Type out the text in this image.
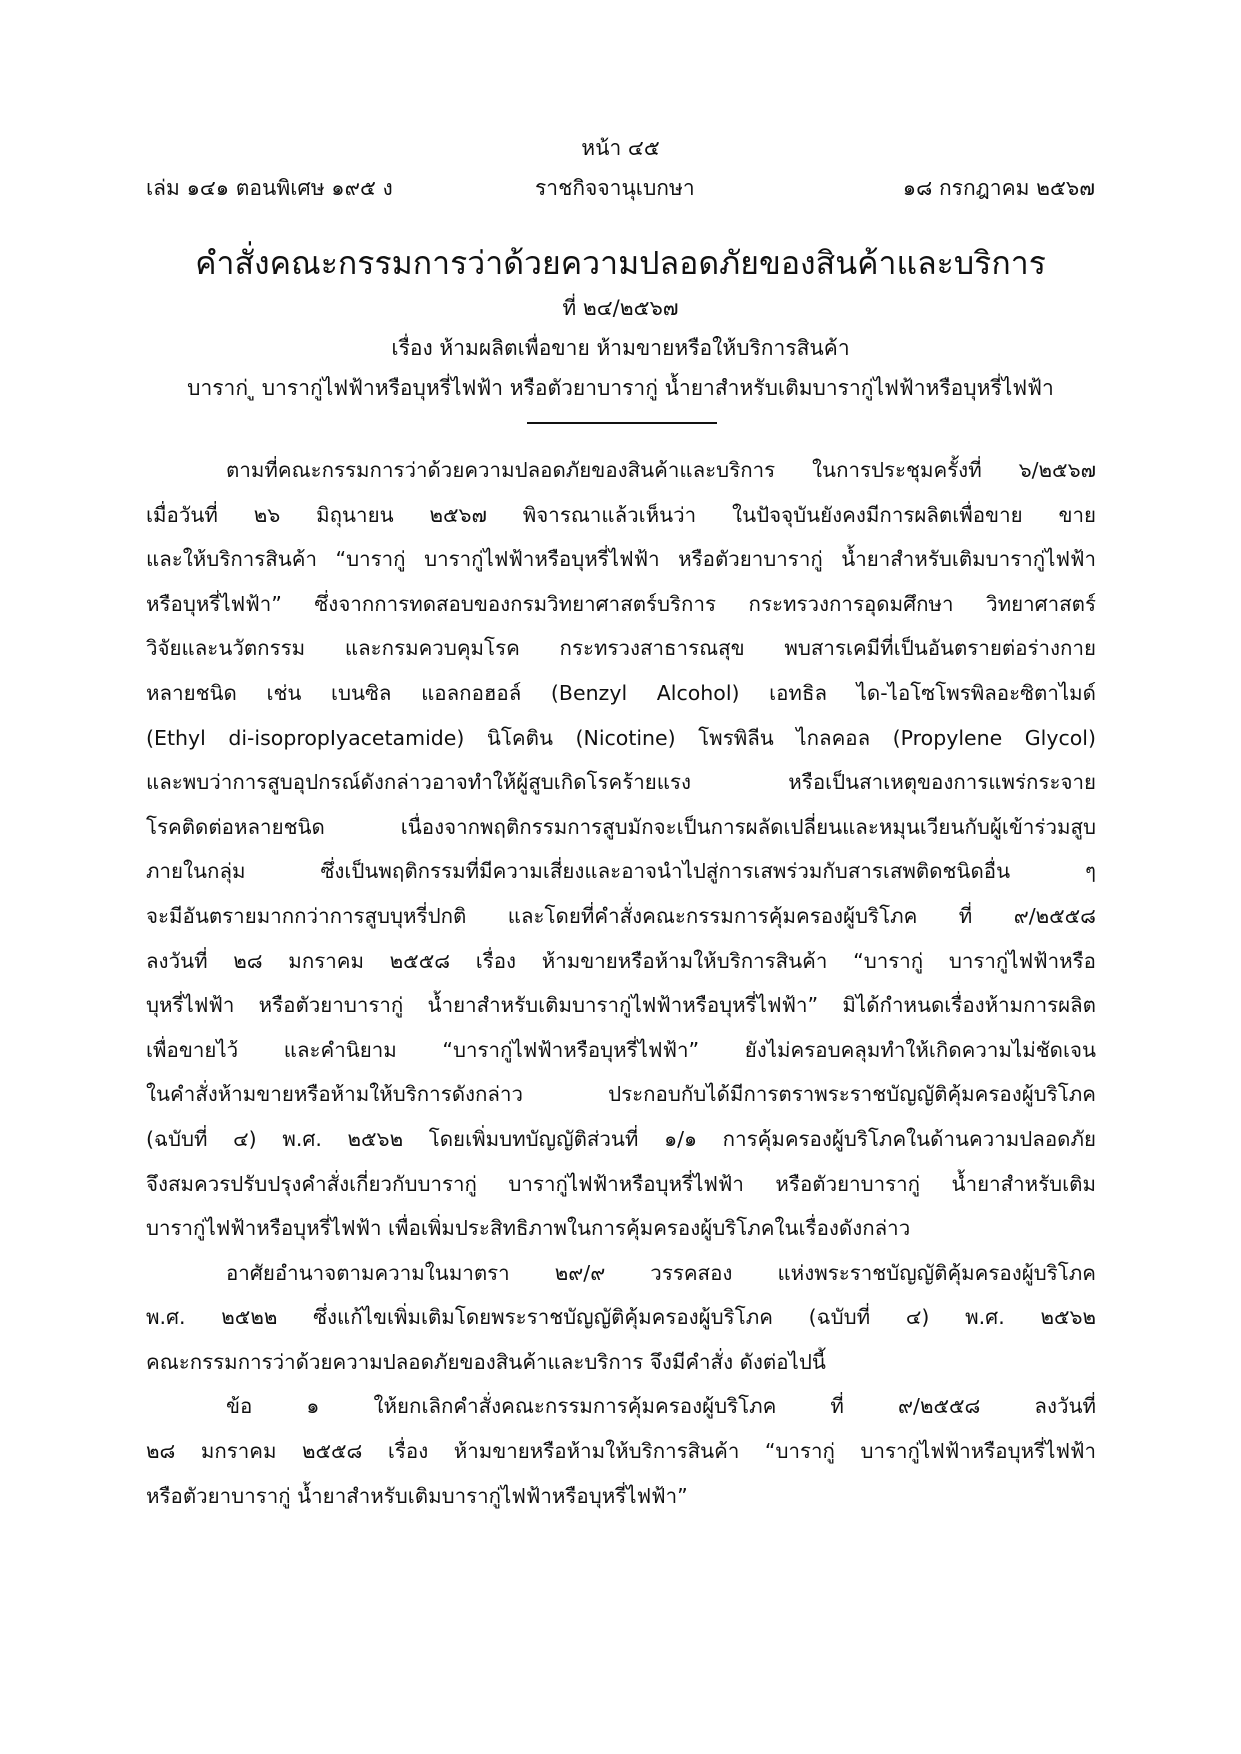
หน้า ๔๕
เล่ม ๑๔๑ ตอนพิเศษ ๑๙๕ ง	ราชกิจจานุเบกษา	๑๘ กรกฎาคม ๒๕๖๗
คำสั่งคณะกรรมการว่าด้วยความปลอดภัยของสินค้าและบริการ
ที่ ๒๔/๒๕๖๗
เรื่อง ห้ามผลิตเพื่อขาย ห้ามขายหรือให้บริการสินค้า
บาราก่ ู บารากู่ไฟฟ้าหรือบุหรี่ไฟฟ้า หรือตัวยาบารากู่ น้ำยาสำหรับเติมบารากู่ไฟฟ้าหรือบุหรี่ไฟฟ้า
ตามที่คณะกรรมการว่าด้วยความปลอดภัยของสินค้าและบริการ ในการประชุมครั้งที่ ๖/๒๕๖๗
เมื่อวันที่ ๒๖ มิถุนายน ๒๕๖๗ พิจารณาแล้วเห็นว่า ในปัจจุบันยังคงมีการผลิตเพื่อขาย ขาย
และให้บริการสินค้า “บารากู่ บารากู่ไฟฟ้าหรือบุหรี่ไฟฟ้า หรือตัวยาบารากู่ น้ำยาสำหรับเติมบารากู่ไฟฟ้า
หรือบุหรี่ไฟฟ้า” ซึ่งจากการทดสอบของกรมวิทยาศาสตร์บริการ กระทรวงการอุดมศึกษา วิทยาศาสตร์
วิจัยและนวัตกรรม และกรมควบคุมโรค กระทรวงสาธารณสุข พบสารเคมีที่เป็นอันตรายต่อร่างกาย
หลายชนิด เช่น เบนซิล แอลกอฮอล์ (Benzyl Alcohol) เอทธิล ได-ไอโซโพรพิลอะซิตาไมด์
(Ethyl di-isopropIyacetamide) นิโคติน (Nicotine) โพรพิลีน ไกลคอล (Propylene Glycol)
และพบว่าการสูบอุปกรณ์ดังกล่าวอาจทำให้ผู้สูบเกิดโรคร้ายแรง หรือเป็นสาเหตุของการแพร่กระจาย
โรคติดต่อหลายชนิด เนื่องจากพฤติกรรมการสูบมักจะเป็นการผลัดเปลี่ยนและหมุนเวียนกับผู้เข้าร่วมสูบ
ภายในกลุ่ม ซึ่งเป็นพฤติกรรมที่มีความเสี่ยงและอาจนำไปสู่การเสพร่วมกับสารเสพติดชนิดอื่น ๆ
จะมีอันตรายมากกว่าการสูบบุหรี่ปกติ และโดยที่คำสั่งคณะกรรมการคุ้มครองผู้บริโภค ที่ ๙/๒๕๕๘
ลงวันที่ ๒๘ มกราคม ๒๕๕๘ เรื่อง ห้ามขายหรือห้ามให้บริการสินค้า “บารากู่ บารากู่ไฟฟ้าหรือ
บุหรี่ไฟฟ้า หรือตัวยาบารากู่ น้ำยาสำหรับเติมบารากู่ไฟฟ้าหรือบุหรี่ไฟฟ้า” มิได้กำหนดเรื่องห้ามการผลิต
เพื่อขายไว้ และคำนิยาม “บารากู่ไฟฟ้าหรือบุหรี่ไฟฟ้า” ยังไม่ครอบคลุมทำให้เกิดความไม่ชัดเจน
ในคำสั่งห้ามขายหรือห้ามให้บริการดังกล่าว ประกอบกับได้มีการตราพระราชบัญญัติคุ้มครองผู้บริโภค
(ฉบับที่ ๔) พ.ศ. ๒๕๖๒ โดยเพิ่มบทบัญญัติส่วนที่ ๑/๑ การคุ้มครองผู้บริโภคในด้านความปลอดภัย
จึงสมควรปรับปรุงคำสั่งเกี่ยวกับบารากู่ บารากู่ไฟฟ้าหรือบุหรี่ไฟฟ้า หรือตัวยาบารากู่ น้ำยาสำหรับเติม
บารากู่ไฟฟ้าหรือบุหรี่ไฟฟ้า เพื่อเพิ่มประสิทธิภาพในการคุ้มครองผู้บริโภคในเรื่องดังกล่าว
อาศัยอำนาจตามความในมาตรา ๒๙/๙ วรรคสอง แห่งพระราชบัญญัติคุ้มครองผู้บริโภค
พ.ศ. ๒๕๒๒ ซึ่งแก้ไขเพิ่มเติมโดยพระราชบัญญัติคุ้มครองผู้บริโภค (ฉบับที่ ๔) พ.ศ. ๒๕๖๒
คณะกรรมการว่าด้วยความปลอดภัยของสินค้าและบริการ จึงมีคำสั่ง ดังต่อไปนี้
ข้อ ๑ ให้ยกเลิกคำสั่งคณะกรรมการคุ้มครองผู้บริโภค ที่ ๙/๒๕๕๘ ลงวันที่
๒๘ มกราคม ๒๕๕๘ เรื่อง ห้ามขายหรือห้ามให้บริการสินค้า “บารากู่ บารากู่ไฟฟ้าหรือบุหรี่ไฟฟ้า
หรือตัวยาบารากู่ น้ำยาสำหรับเติมบารากู่ไฟฟ้าหรือบุหรี่ไฟฟ้า”
